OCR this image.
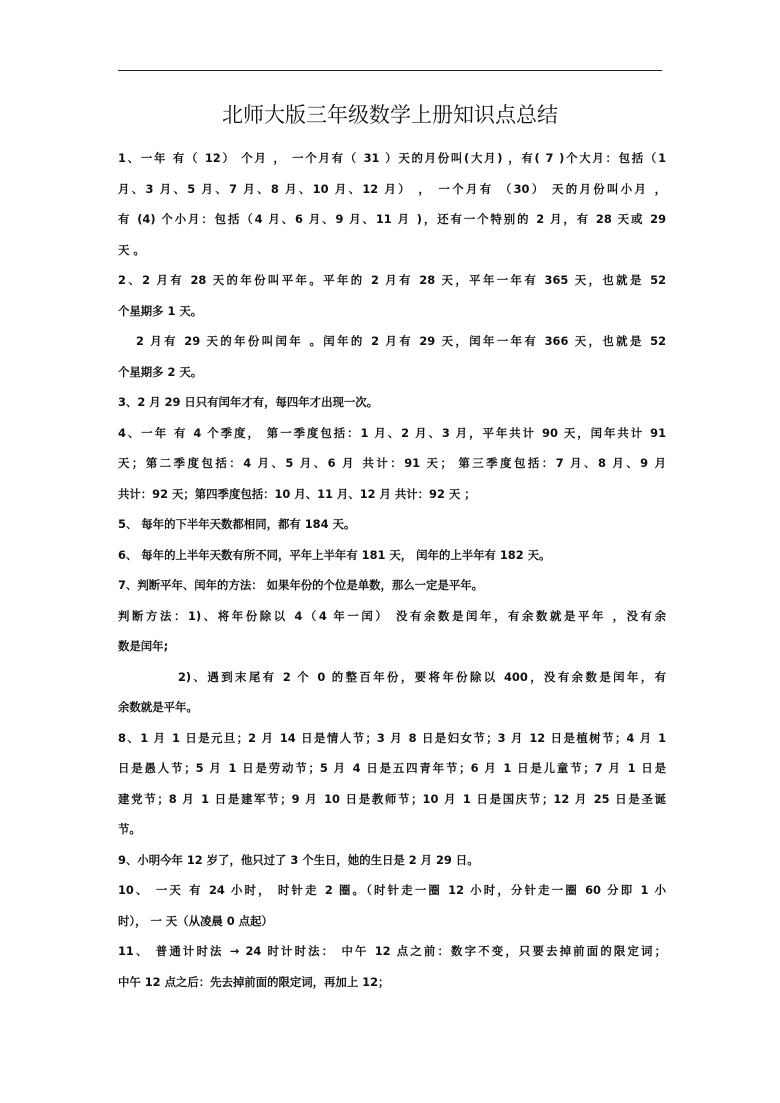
北师大版三年级数学上册知识点总结
1、一年 有（ 12） 个月 ， 一个月有（ 31 ）天的月份叫(大月) ，有( 7 )个大月：包括（1
月、3 月、5 月、7 月、8 月、10 月、12 月） ， 一个月有 （30） 天的月份叫小月 ，
有 (4) 个小月：包括（4 月、6 月、9 月、11 月 )，还有一个特别的 2 月，有 28 天或 29
天 。
2、2 月有 28 天的年份叫平年。平年的 2 月有 28 天，平年一年有 365 天，也就是 52
个星期多 1 天。
2 月有 29 天的年份叫闰年 。闰年的 2 月有 29 天，闰年一年有 366 天，也就是 52
个星期多 2 天。
3、2 月 29 日只有闰年才有，每四年才出现一次。
4、一年 有 4 个季度， 第一季度包括：1 月、2 月、3 月，平年共计 90 天，闰年共计 91
天；第二季度包括：4 月、5 月、6 月 共计：91 天； 第三季度包括：7 月、8 月、9 月
共计：92 天；第四季度包括：10 月、11 月、12 月 共计：92 天 ；
5、 每年的下半年天数都相同，都有 184 天。
6、 每年的上半年天数有所不同，平年上半年有 181 天， 闰年的上半年有 182 天。
7、判断平年、闰年的方法： 如果年份的个位是单数，那么一定是平年。
判断方法：1)、将年份除以 4（4 年一闰） 没有余数是闰年，有余数就是平年 ，没有余
数是闰年;
2)、遇到末尾有 2 个 0 的整百年份，要将年份除以 400，没有余数是闰年，有
余数就是平年。
8、1 月 1 日是元旦；2 月 14 日是情人节；3 月 8 日是妇女节；3 月 12 日是植树节；4 月 1
日是愚人节；5 月 1 日是劳动节；5 月 4 日是五四青年节；6 月 1 日是儿童节；7 月 1 日是
建党节；8 月 1 日是建军节；9 月 10 日是教师节；10 月 1 日是国庆节；12 月 25 日是圣诞
节。
9、小明今年 12 岁了，他只过了 3 个生日，她的生日是 2 月 29 日。
10、 一天 有 24 小时， 时针走 2 圈。（时针走一圈 12 小时，分针走一圈 60 分即 1 小
时）， 一 天（从凌晨 0 点起）
11、 普通计时法 → 24 时计时法： 中午 12 点之前：数字不变，只要去掉前面的限定词；
中午 12 点之后：先去掉前面的限定词，再加上 12；
